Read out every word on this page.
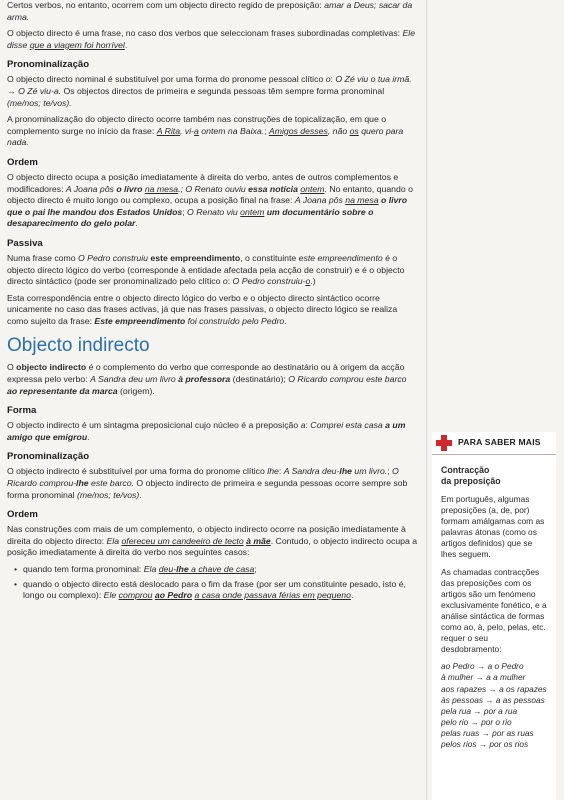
Certos verbos, no entanto, ocorrem com um objecto directo regido de preposição: amar a Deus; sacar da arma.

O objecto directo é uma frase, no caso dos verbos que seleccionam frases subordinadas completivas: Ele disse que a viagem foi horrível.

Pronominalização

O objecto directo nominal é substituível por uma forma do pronome pessoal clítico o: O Zé viu o tua irmã. → O Zé viu-a. Os objectos directos de primeira e segunda pessoas têm sempre forma pronominal (me/nos; te/vos).

A pronominalização do objecto directo ocorre também nas construções de topicalização, em que o complemento surge no início da frase: A Rita, vi-a ontem na Baixa.; Amigos desses, não os quero para nada.

Ordem

O objecto directo ocupa a posição imediatamente à direita do verbo, antes de outros complementos e modificadores: A Joana pôs o livro na mesa.; O Renato ouviu essa notícia ontem. No entanto, quando o objecto directo é muito longo ou complexo, ocupa a posição final na frase: A Joana pôs na mesa o livro que o pai lhe mandou dos Estados Unidos; O Renato viu ontem um documentário sobre o desaparecimento do gelo polar.

Passiva

Numa frase como O Pedro construiu este empreendimento, o constituinte este empreendimento é o objecto directo lógico do verbo (corresponde à entidade afectada pela acção de construir) e é o objecto directo sintáctico (pode ser pronominalizado pelo clítico o: O Pedro construiu-o.)

Esta correspondência entre o objecto directo lógico do verbo e o objecto directo sintáctico ocorre unicamente no caso das frases activas, já que nas frases passivas, o objecto directo lógico se realiza como sujeito da frase: Este empreendimento foi construído pelo Pedro.

Objecto indirecto

O objecto indirecto é o complemento do verbo que corresponde ao destinatário ou à origem da acção expressa pelo verbo: A Sandra deu um livro à professora (destinatário); O Ricardo comprou este barco ao representante da marca (origem).

Forma

O objecto indirecto é um sintagma preposicional cujo núcleo é a preposição a: Comprei esta casa a um amigo que emigrou.

Pronominalização

O objecto indirecto é substituível por uma forma do pronome clítico lhe: A Sandra deu-lhe um livro.; O Ricardo comprou-lhe este barco. O objecto indirecto de primeira e segunda pessoas ocorre sempre sob forma pronominal (me/nos; te/vos).

Ordem

Nas construções com mais de um complemento, o objecto indirecto ocorre na posição imediatamente à direita do objecto directo: Ela ofereceu um candeeiro de tecto à mãe. Contudo, o objecto indirecto ocupa a posição imediatamente à direita do verbo nos seguintes casos:

• quando tem forma pronominal: Ela deu-lhe a chave de casa;
• quando o objecto directo está deslocado para o fim da frase (por ser um constituinte pesado, isto é, longo ou complexo): Ele comprou ao Pedro a casa onde passava férias em pequeno.
PARA SABER MAIS
Contracção
da preposição

Em português, algumas preposições (a, de, por) formam amálgamas com as palavras átonas (como os artigos definidos) que se lhes seguem.

As chamadas contracções das preposições com os artigos são um fenómeno exclusivamente fonético, e a análise sintáctica de formas como ao, à, pelo, pelas, etc. requer o seu desdobramento:

ao Pedro → a o Pedro
à mulher → a a mulher
aos rapazes → a os rapazes
às pessoas → a as pessoas
pela rua → por a rua
pelo rio → por o rio
pelas ruas → por as ruas
pelos rios → por os rios
